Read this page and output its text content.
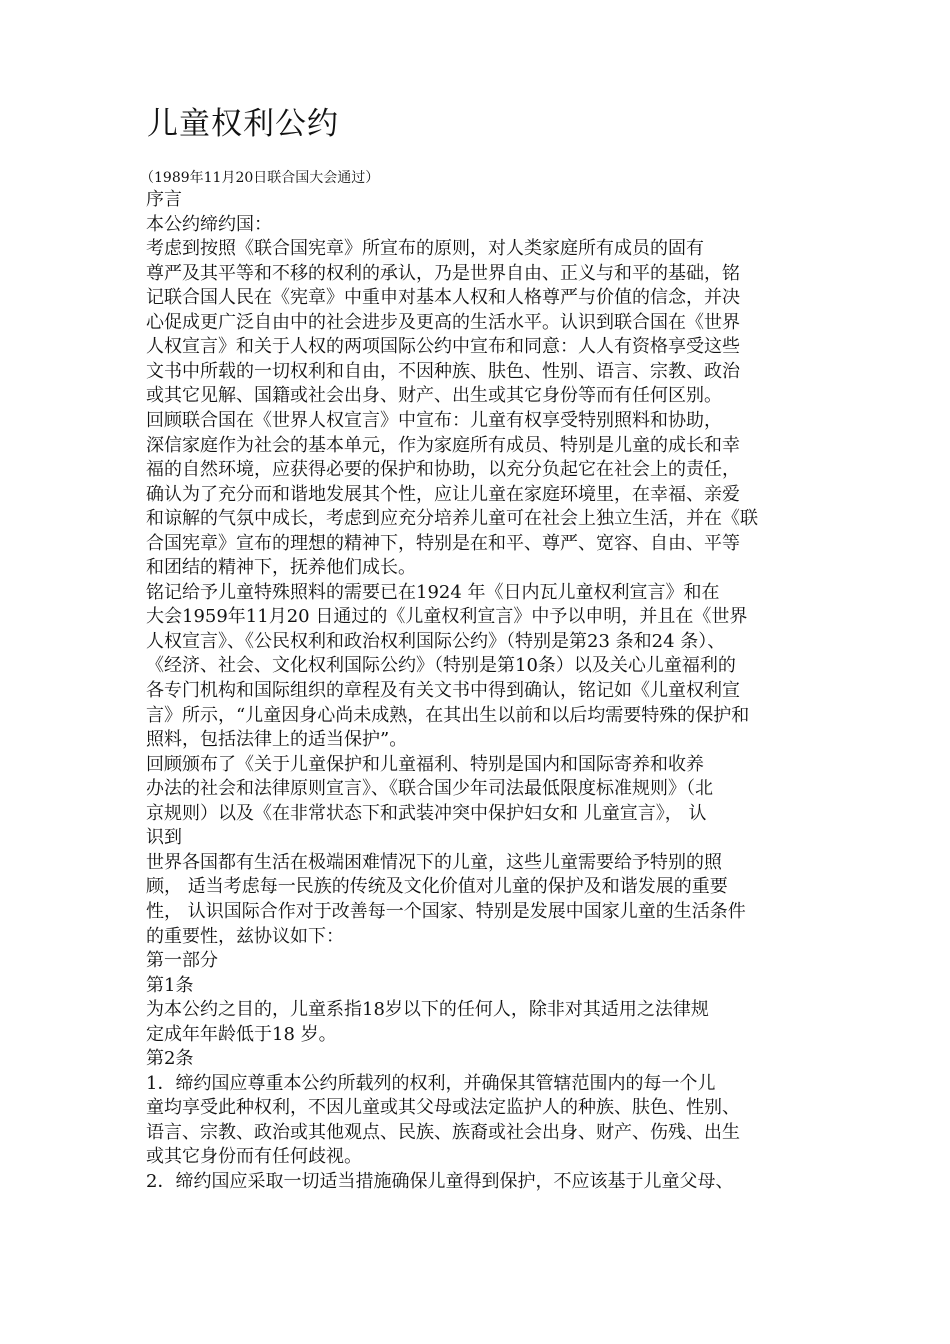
儿童权利公约
（1989年11月20日联合国大会通过）
序言
本公约缔约国：
考虑到按照《联合国宪章》所宣布的原则，对人类家庭所有成员的固有
尊严及其平等和不移的权利的承认，乃是世界自由、正义与和平的基础，铭
记联合国人民在《宪章》中重申对基本人权和人格尊严与价值的信念，并决
心促成更广泛自由中的社会进步及更高的生活水平。认识到联合国在《世界
人权宣言》和关于人权的两项国际公约中宣布和同意：人人有资格享受这些
文书中所载的一切权利和自由，不因种族、肤色、性别、语言、宗教、政治
或其它见解、国籍或社会出身、财产、出生或其它身份等而有任何区别。
回顾联合国在《世界人权宣言》中宣布：儿童有权享受特别照料和协助，
深信家庭作为社会的基本单元，作为家庭所有成员、特别是儿童的成长和幸
福的自然环境，应获得必要的保护和协助，以充分负起它在社会上的责任，
确认为了充分而和谐地发展其个性，应让儿童在家庭环境里，在幸福、亲爱
和谅解的气氛中成长，考虑到应充分培养儿童可在社会上独立生活，并在《联
合国宪章》宣布的理想的精神下，特别是在和平、尊严、宽容、自由、平等
和团结的精神下，抚养他们成长。
铭记给予儿童特殊照料的需要已在1924 年《日内瓦儿童权利宣言》和在
大会1959年11月20 日通过的《儿童权利宣言》中予以申明，并且在《世界
人权宣言》、《公民权利和政治权利国际公约》（特别是第23 条和24 条）、
《经济、社会、文化权利国际公约》（特别是第10条）以及关心儿童福利的
各专门机构和国际组织的章程及有关文书中得到确认，铭记如《儿童权利宣
言》所示，“儿童因身心尚未成熟，在其出生以前和以后均需要特殊的保护和
照料，包括法律上的适当保护”。
回顾颁布了《关于儿童保护和儿童福利、特别是国内和国际寄养和收养
办法的社会和法律原则宣言》、《联合国少年司法最低限度标准规则》（北
京规则）以及《在非常状态下和武装冲突中保护妇女和 儿童宣言》， 认
识到
世界各国都有生活在极端困难情况下的儿童，这些儿童需要给予特别的照
顾， 适当考虑每一民族的传统及文化价值对儿童的保护及和谐发展的重要
性， 认识国际合作对于改善每一个国家、特别是发展中国家儿童的生活条件
的重要性，兹协议如下：
第一部分
第1条
为本公约之目的，儿童系指18岁以下的任何人，除非对其适用之法律规
定成年年龄低于18 岁。
第2条
1．缔约国应尊重本公约所载列的权利，并确保其管辖范围内的每一个儿
童均享受此种权利，不因儿童或其父母或法定监护人的种族、肤色、性别、
语言、宗教、政治或其他观点、民族、族裔或社会出身、财产、伤残、出生
或其它身份而有任何歧视。
2．缔约国应采取一切适当措施确保儿童得到保护，不应该基于儿童父母、
